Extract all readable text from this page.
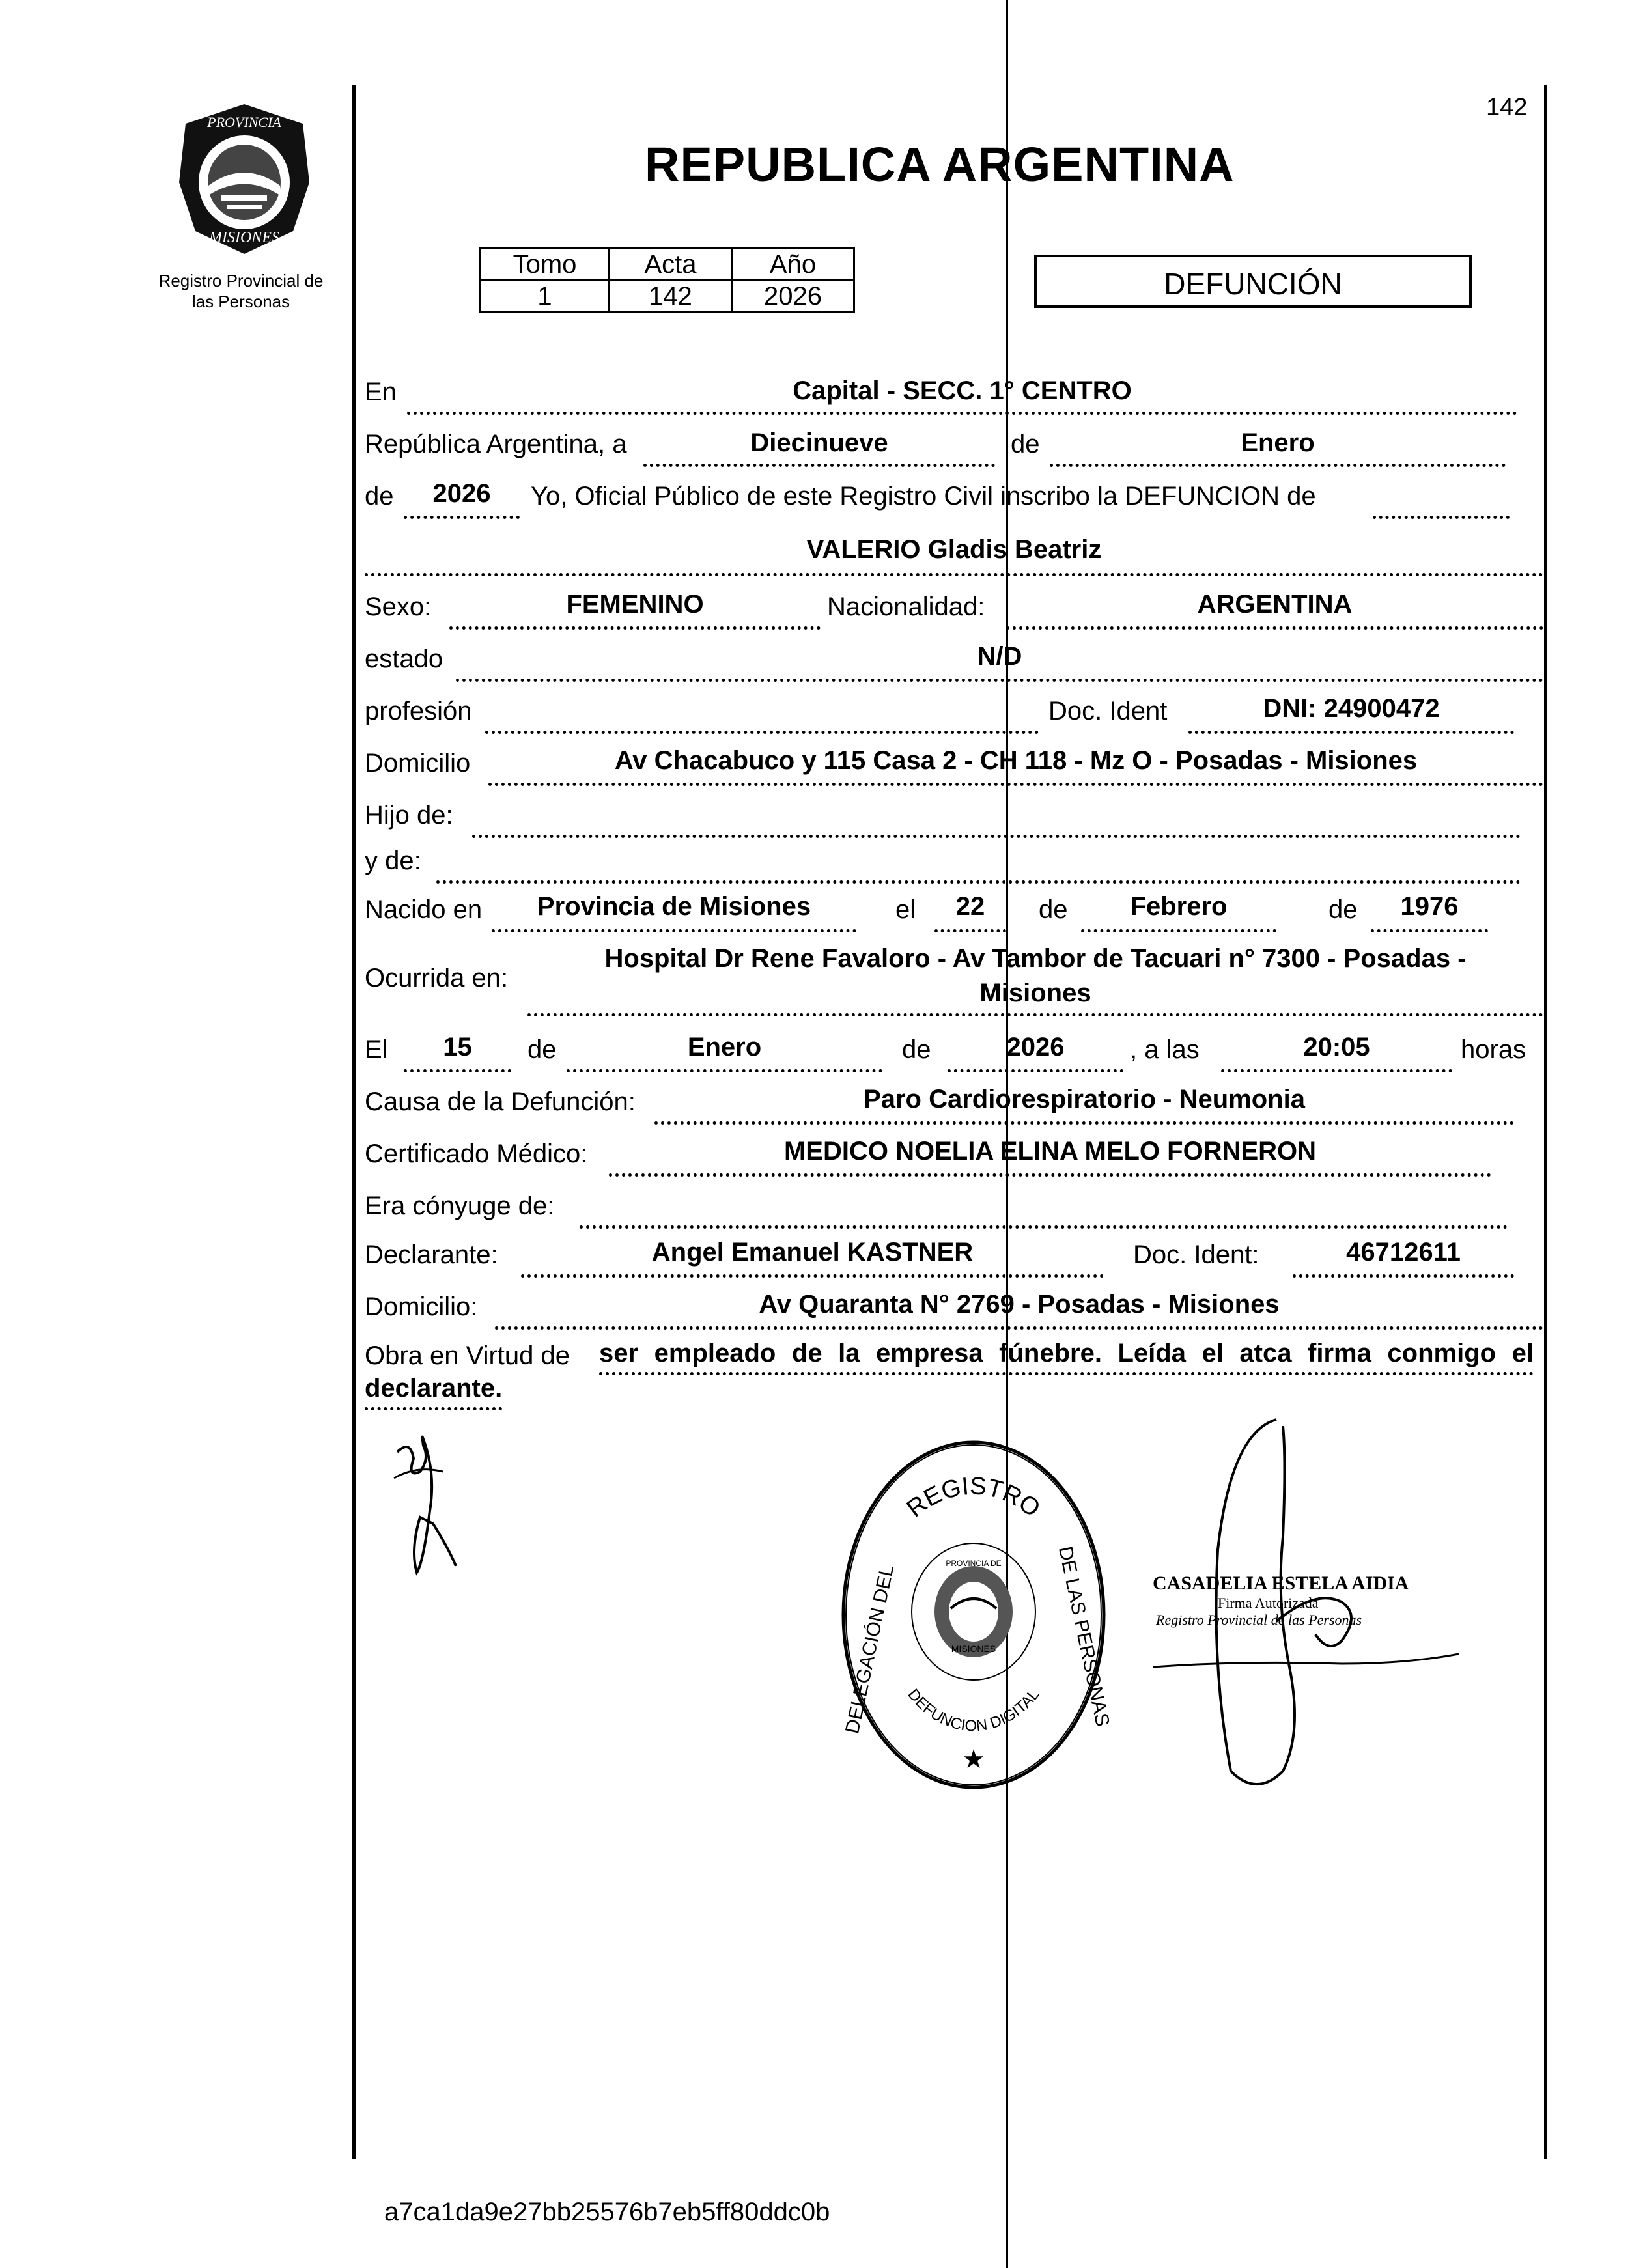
142
PROVINCIA
MISIONES
Registro Provincial de
las Personas
REPUBLICA ARGENTINA
Tomo	Acta	Año
1	142	2026	DEFUNCIÓN
En	Capital - SECC. 1° CENTRO
República Argentina, a	Diecinueve	de	Enero
de	2026	Yo, Oficial Público de este Registro Civil inscribo la DEFUNCION de
VALERIO Gladis Beatriz
Sexo:	FEMENINO	Nacionalidad:	ARGENTINA
estado	N/D
profesión	Doc. Ident	DNI: 24900472
Domicilio	Av Chacabuco y 115 Casa 2 - CH 118 - Mz O - Posadas - Misiones
Hijo de:
y de:
Nacido en	Provincia de Misiones	el	22	de	Febrero	de	1976
Ocurrida en:
Hospital Dr Rene Favaloro - Av Tambor de Tacuari n° 7300 - Posadas -
Misiones
El	15	de	Enero	de	2026	, a las	20:05	horas
Causa de la Defunción:	Paro Cardiorespiratorio - Neumonia
Certificado Médico:	MEDICO NOELIA ELINA MELO FORNERON
Era cónyuge de:
Declarante:	Angel Emanuel KASTNER	Doc. Ident:	46712611
Domicilio:	Av Quaranta N° 2769 - Posadas - Misiones
Obra en Virtud de ser empleado de la empresa fúnebre. Leída el atca firma conmigo el
declarante.
REGISTRO
DELEGACIÓN DEL	DE LAS PERSONAS
PROVINCIA DE
MISIONES
DEFUNCION DIGITAL
★
CASADELIA ESTELA AIDIA
Firma Autorizada
Registro Provincial de las Personas
a7ca1da9e27bb25576b7eb5ff80ddc0b
